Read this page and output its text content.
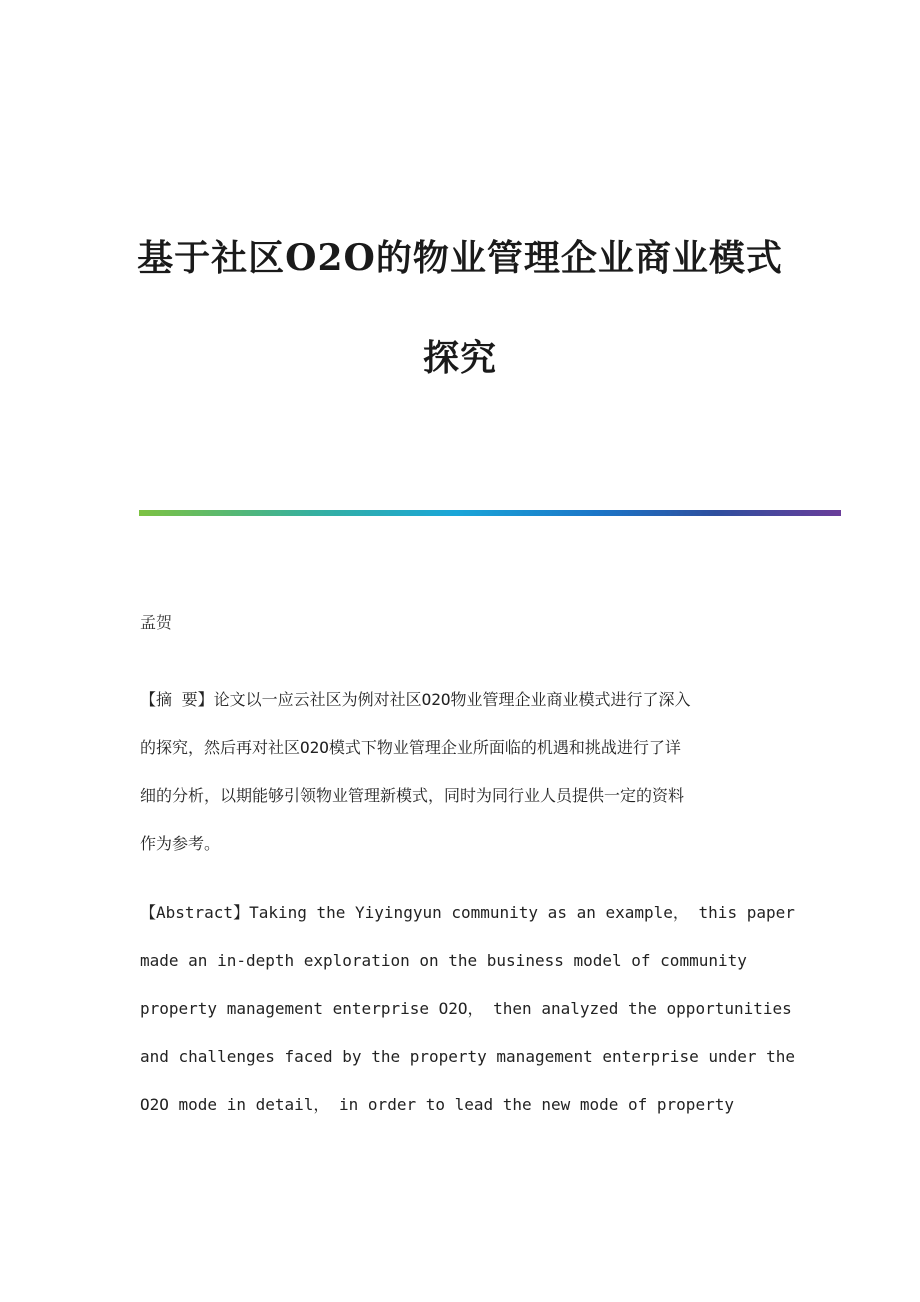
基于社区O2O的物业管理企业商业模式
探究
孟贺

【摘 要】论文以一应云社区为例对社区O2O物业管理企业商业模式进行了深入
的探究，然后再对社区O2O模式下物业管理企业所面临的机遇和挑战进行了详
细的分析，以期能够引领物业管理新模式，同时为同行业人员提供一定的资料
作为参考。

【Abstract】Taking the Yiyingyun community as an example， this paper
made an in-depth exploration on the business model of community
property management enterprise O2O， then analyzed the opportunities
and challenges faced by the property management enterprise under the
O2O mode in detail， in order to lead the new mode of property
